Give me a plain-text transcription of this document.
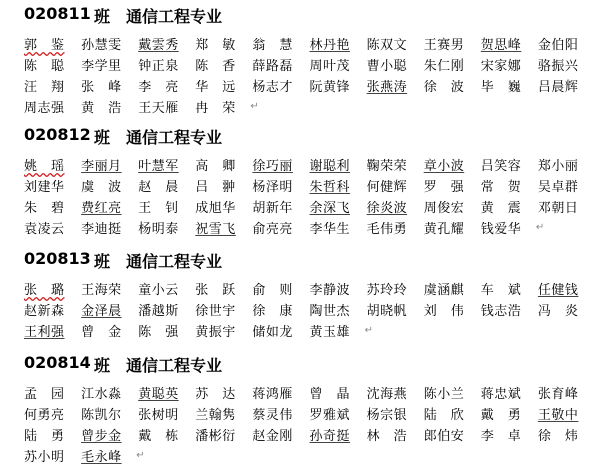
020811 班 通信工程专业
郭　鉴	孙慧雯	戴雲秀	郑　敏	翁　慧	林丹艳	陈双文	王赛男	贺思峰	金伯阳
陈　聪	李学里	钟正泉	陈　香	薛路磊	周叶茂	曹小聪	朱仁刚	宋家娜	骆振兴
汪　翔	张　峰	李　亮	华　远	杨志才	阮黄锋	张燕涛	徐　波	毕　巍	吕晨辉
周志强	黄　浩	王天雁	冉　荣	↵
020812 班 通信工程专业
姚　瑶	李丽月	叶慧军	高　卿	徐巧丽	谢聪利	鞠荣荣	章小波	吕笑容	郑小丽
刘建华	虞　波	赵　晨	吕　翀	杨泽明	朱哲科	何健辉	罗　强	常　贺	吴卓群
朱　碧	费红亮	王　钊	成旭华	胡新年	余深飞	徐炎波	周俊宏	黄　震	邓朝日
袁凌云	李迪挺	杨明泰	祝雪飞	俞亮亮	李华生	毛伟勇	黄孔耀	钱爱华	↵
020813 班 通信工程专业
张　璐	王海荣	童小云	张　跃	俞　则	李静波	苏玲玲	虞涵麒	车　斌	任健钱
赵新森	金泽晨	潘越斯	徐世宇	徐　康	陶世杰	胡晓帆	刘　伟	钱志浩	冯　炎
王利强	曾　金	陈　强	黄振宇	储如龙	黄玉雄	↵
020814 班 通信工程专业
孟　园	江水淼	黄聪英	苏　达	蒋鸿雁	曾　晶	沈海燕	陈小兰	蒋忠斌	张育峰
何勇亮	陈凯尔	张树明	兰翰隽	蔡灵伟	罗雅斌	杨宗银	陆　欣	戴　勇	王敬中
陆　勇	曾步金	戴　栋	潘彬衍	赵金刚	孙奇挺	林　浩	郎伯安	李　卓	徐　炜
苏小明	毛永峰	↵
